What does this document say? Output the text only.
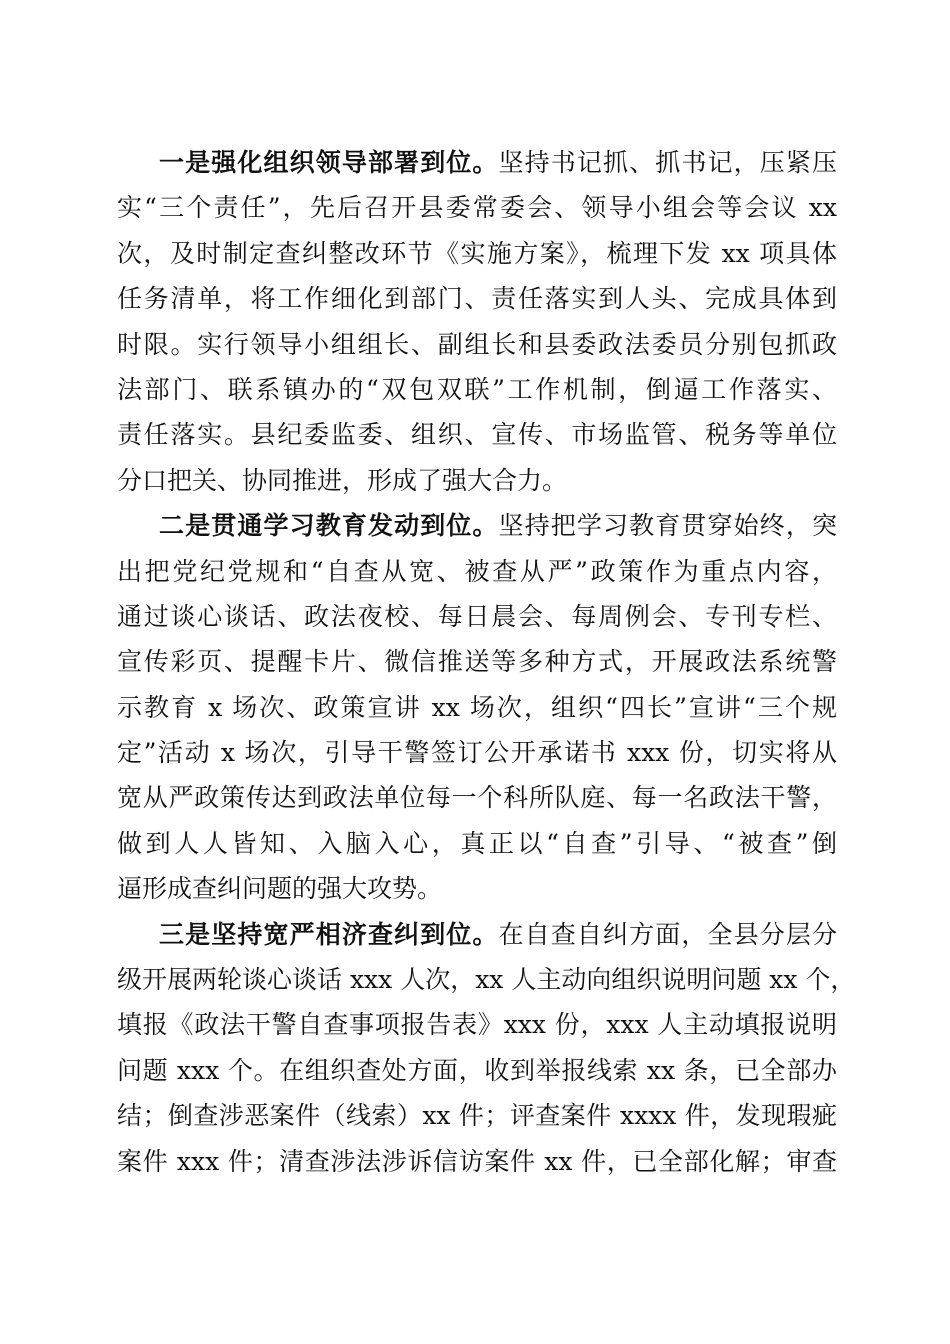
一是强化组织领导部署到位。坚持书记抓、抓书记，压紧压
实“三个责任”，先后召开县委常委会、领导小组会等会议 xx
次，及时制定查纠整改环节《实施方案》，梳理下发 xx 项具体
任务清单，将工作细化到部门、责任落实到人头、完成具体到
时限。实行领导小组组长、副组长和县委政法委员分别包抓政
法部门、联系镇办的“双包双联”工作机制，倒逼工作落实、
责任落实。县纪委监委、组织、宣传、市场监管、税务等单位
分口把关、协同推进，形成了强大合力。
二是贯通学习教育发动到位。坚持把学习教育贯穿始终，突
出把党纪党规和“自查从宽、被查从严”政策作为重点内容，
通过谈心谈话、政法夜校、每日晨会、每周例会、专刊专栏、
宣传彩页、提醒卡片、微信推送等多种方式，开展政法系统警
示教育 x 场次、政策宣讲 xx 场次，组织“四长”宣讲“三个规
定”活动 x 场次，引导干警签订公开承诺书 xxx 份，切实将从
宽从严政策传达到政法单位每一个科所队庭、每一名政法干警，
做到人人皆知、入脑入心，真正以“自查”引导、“被查”倒
逼形成查纠问题的强大攻势。
三是坚持宽严相济查纠到位。在自查自纠方面，全县分层分
级开展两轮谈心谈话 xxx 人次，xx 人主动向组织说明问题 xx 个，
填报《政法干警自查事项报告表》xxx 份，xxx 人主动填报说明
问题 xxx 个。在组织查处方面，收到举报线索 xx 条，已全部办
结；倒查涉恶案件（线索）xx 件；评查案件 xxxx 件，发现瑕疵
案件 xxx 件；清查涉法涉诉信访案件 xx 件，已全部化解；审查
